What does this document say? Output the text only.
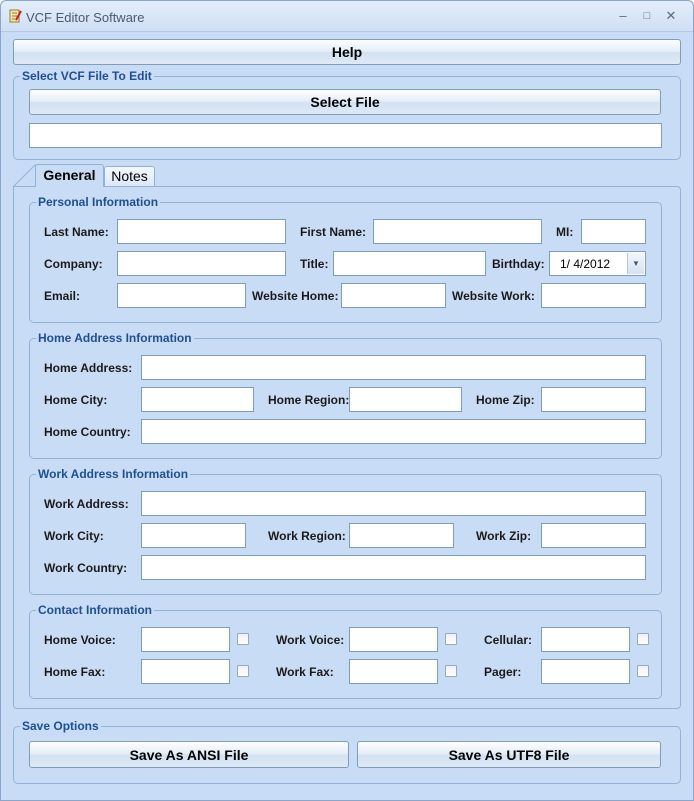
VCF Editor Software	–	□	✕
Help
Select VCF File To Edit
Select File
General	Notes
Personal Information
Last Name:	First Name:	MI:
Company:	Title:	Birthday: 1/ 4/2012	▼
Email:	Website Home:	Website Work:
Home Address Information
Home Address:
Home City:	Home Region:	Home Zip:
Home Country:
Work Address Information
Work Address:
Work City:	Work Region:	Work Zip:
Work Country:
Contact Information
Home Voice:	Work Voice:	Cellular:
Home Fax:	Work Fax:	Pager:
Save Options
Save As ANSI File	Save As UTF8 File
